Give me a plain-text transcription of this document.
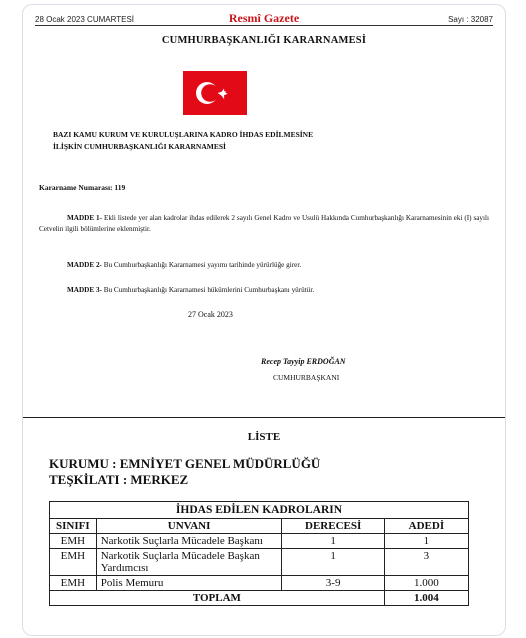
28 Ocak 2023 CUMARTESİ	Resmî Gazete	Sayı : 32087
CUMHURBAŞKANLIĞI KARARNAMESİ
BAZI KAMU KURUM VE KURULUŞLARINA KADRO İHDAS EDİLMESİNE
İLİŞKİN CUMHURBAŞKANLIĞI KARARNAMESİ
Kararname Numarası: 119
MADDE 1- Ekli listede yer alan kadrolar ihdas edilerek 2 sayılı Genel Kadro ve Usulü Hakkında Cumhurbaşkanlığı Kararnamesinin eki (I) sayılı Cetvelin ilgili bölümlerine eklenmiştir.
MADDE 2- Bu Cumhurbaşkanlığı Kararnamesi yayımı tarihinde yürürlüğe girer.
MADDE 3- Bu Cumhurbaşkanlığı Kararnamesi hükümlerini Cumhurbaşkanı yürütür.
27 Ocak 2023
Recep Tayyip ERDOĞAN
CUMHURBAŞKANI
LİSTE
KURUMU : EMNİYET GENEL MÜDÜRLÜĞÜ
TEŞKİLATI : MERKEZ
İHDAS EDİLEN KADROLARIN			
SINIFI	UNVANI	DERECESİ	ADEDİ
EMH	Narkotik Suçlarla Mücadele Başkanı	1	1
EMH	Narkotik Suçlarla Mücadele Başkan Yardımcısı	1	3
EMH	Polis Memuru	3-9	1.000
TOPLAM			1.004
